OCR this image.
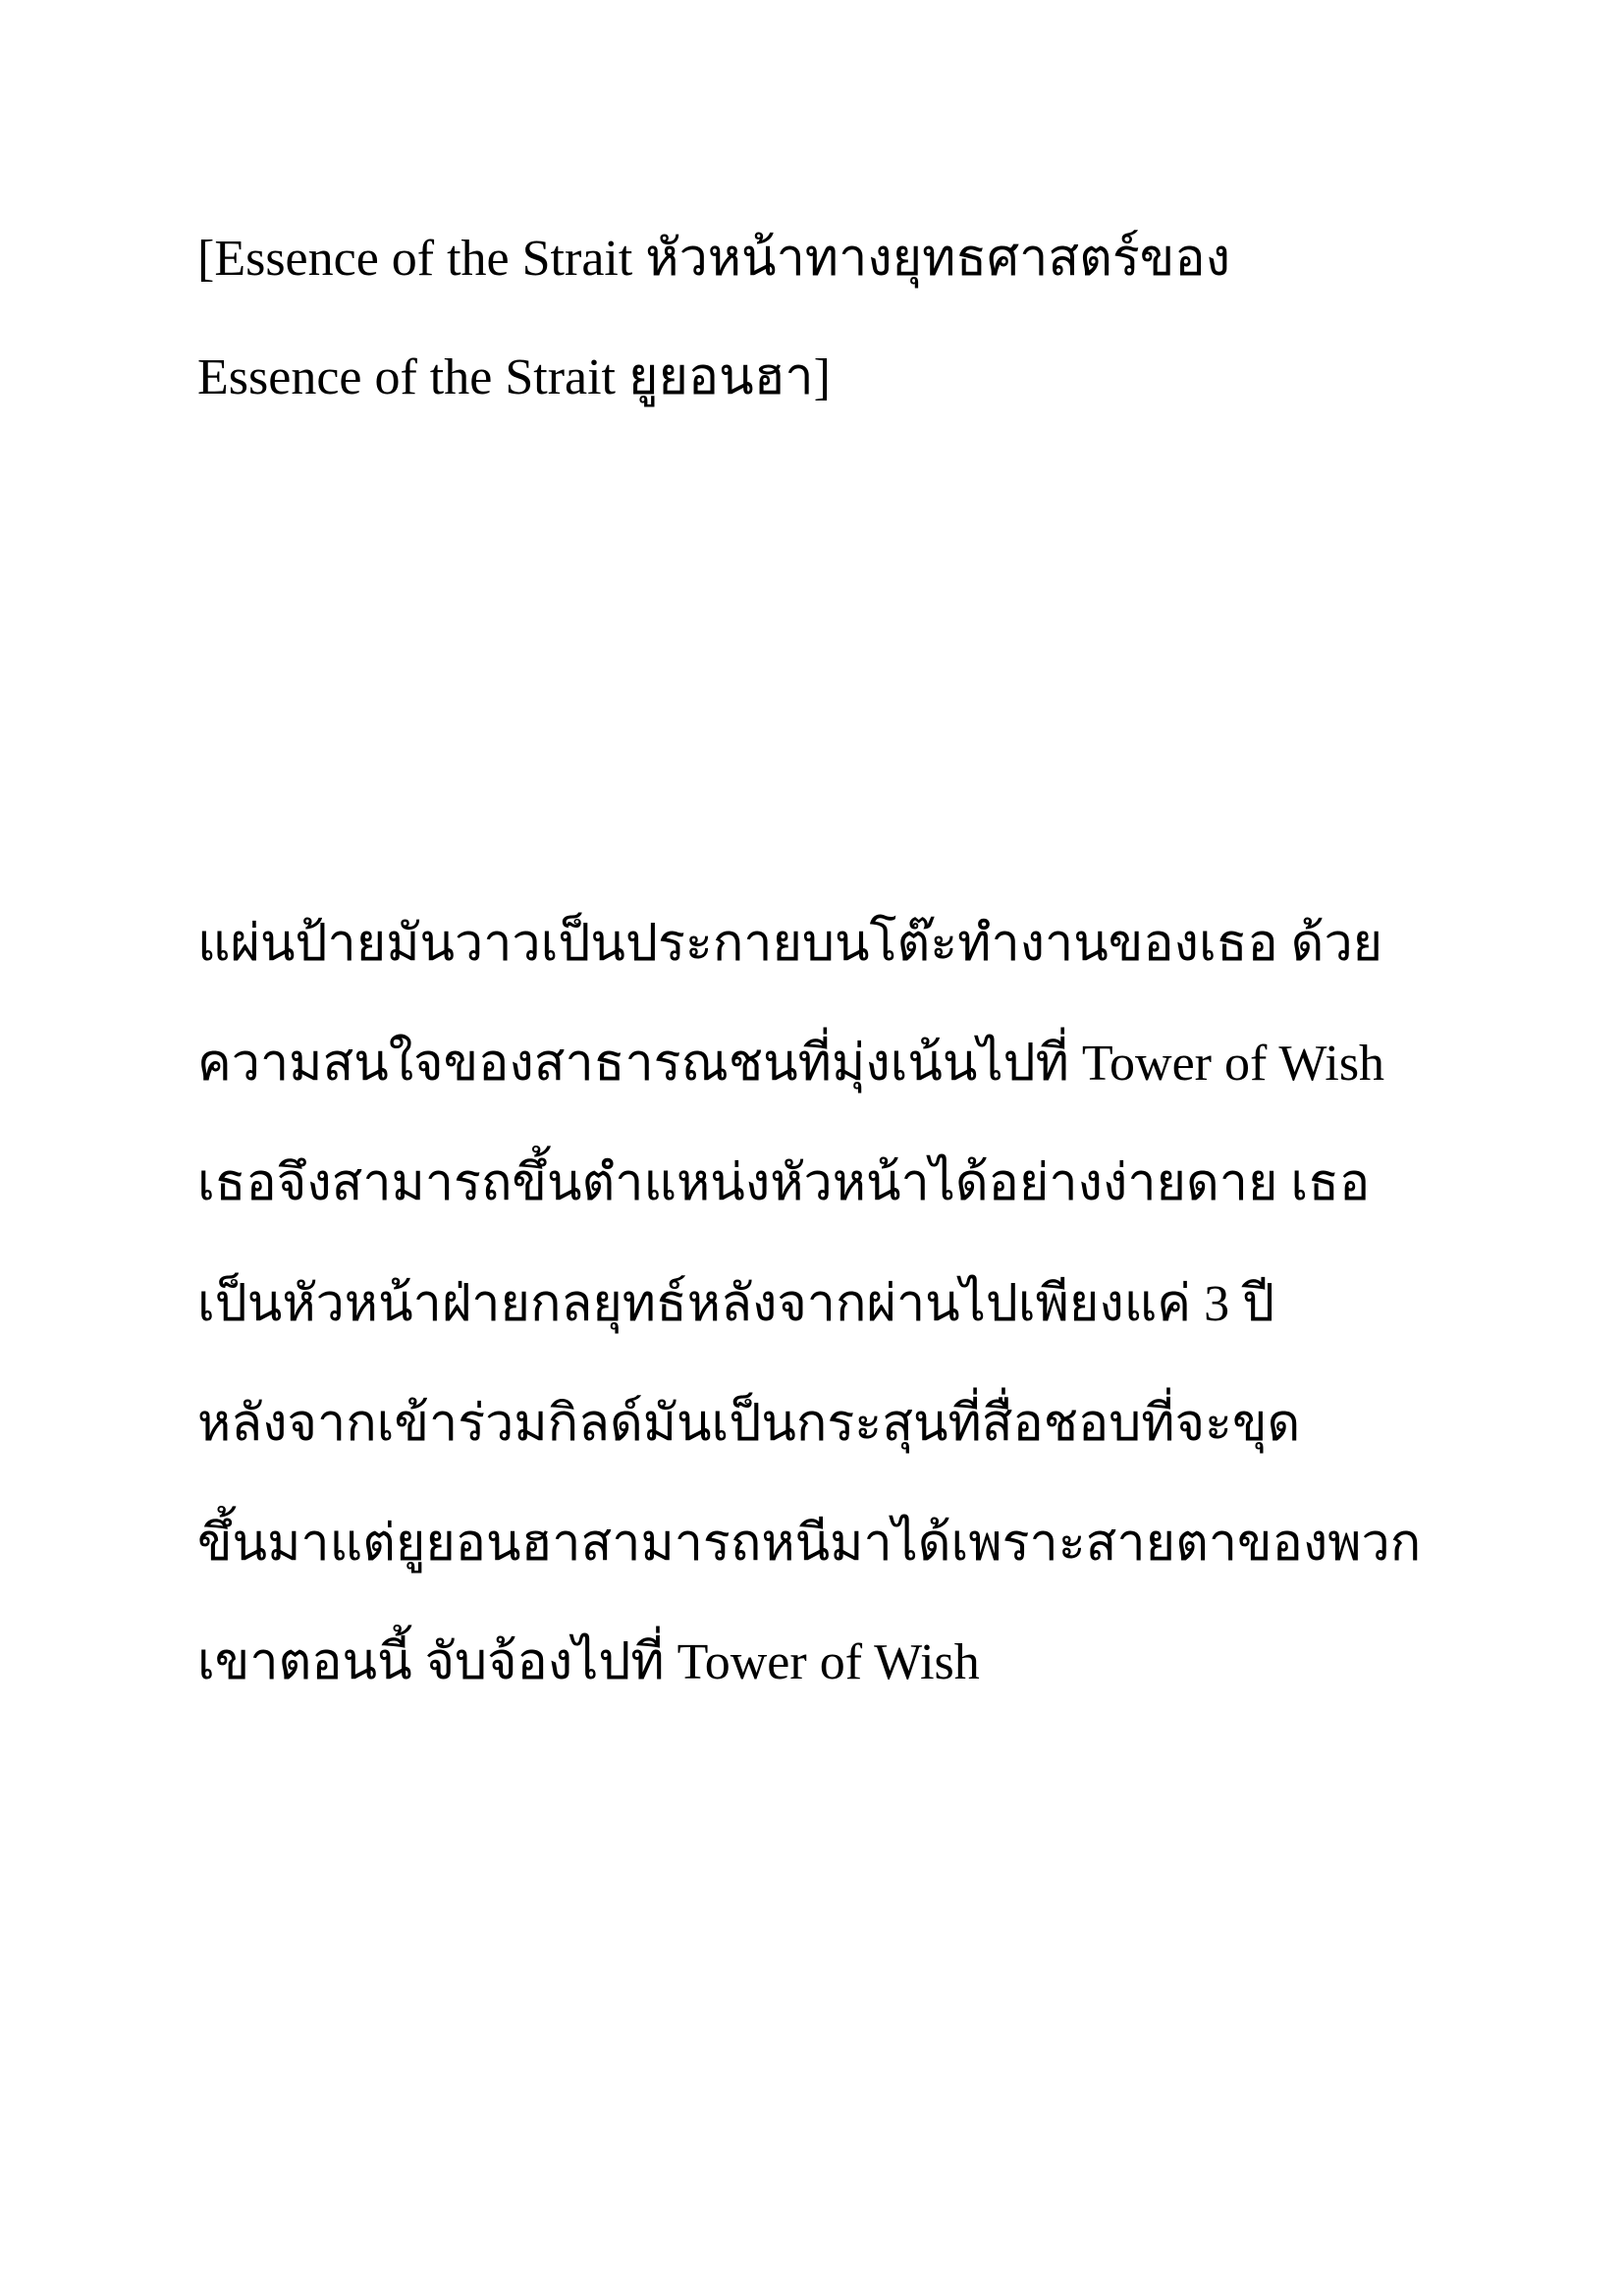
[Essence of the Strait หัวหน้าทางยุทธศาสตร์ของ
Essence of the Strait ยูยอนฮา]
แผ่นป้ายมันวาวเป็นประกายบนโต๊ะทำงานของเธอ ด้วย
ความสนใจของสาธารณชนที่มุ่งเน้นไปที่ Tower of Wish
เธอจึงสามารถขึ้นตำแหน่งหัวหน้าได้อย่างง่ายดาย เธอ
เป็นหัวหน้าฝ่ายกลยุทธ์หลังจากผ่านไปเพียงแค่ 3 ปี
หลังจากเข้าร่วมกิลด์มันเป็นกระสุนที่สื่อชอบที่จะขุด
ขึ้นมาแต่ยูยอนฮาสามารถหนีมาได้เพราะสายตาของพวก
เขาตอนนี้ จับจ้องไปที่ Tower of Wish
